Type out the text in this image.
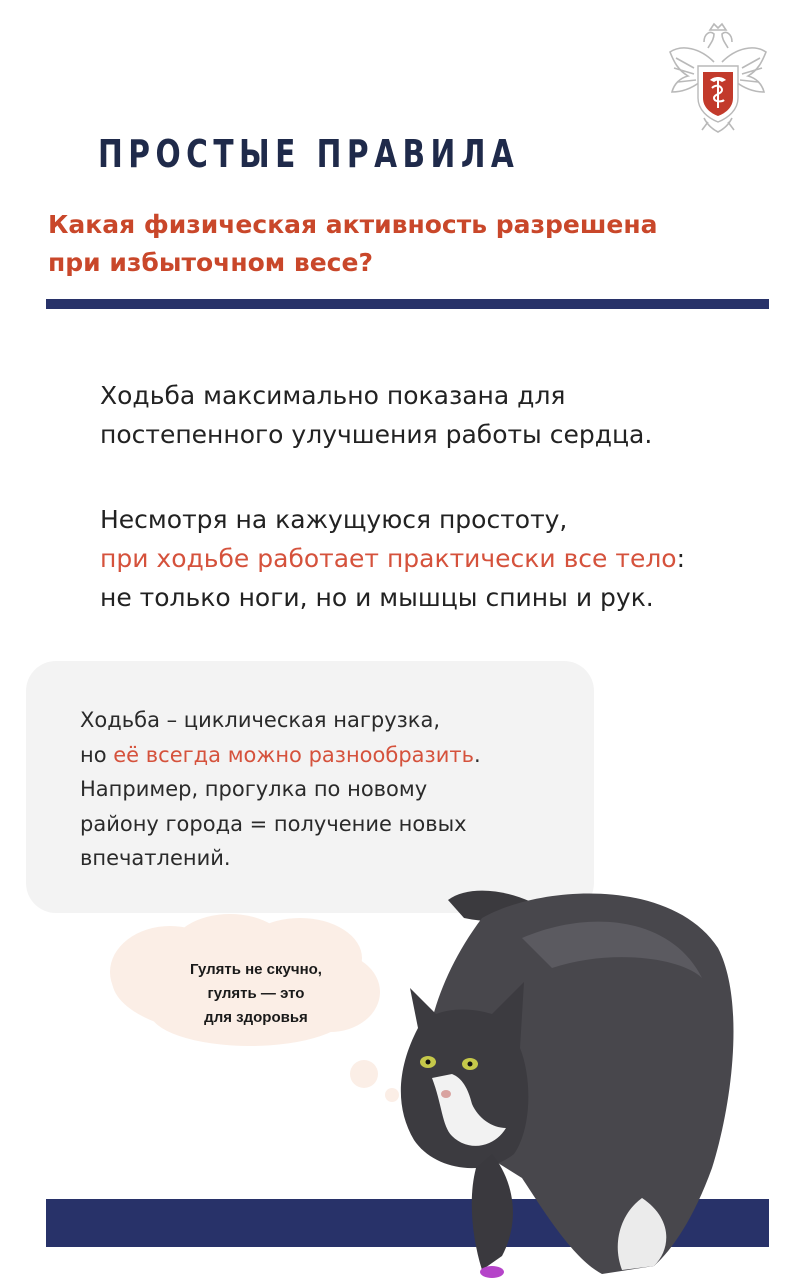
ПРОСТЫЕ ПРАВИЛА
Какая физическая активность разрешена
при избыточном весе?

Ходьба максимально показана для
постепенного улучшения работы сердца.

Несмотря на кажущуюся простоту,
при ходьбе работает практически все тело:
не только ноги, но и мышцы спины и рук.

Ходьба – циклическая нагрузка,
но её всегда можно разнообразить.
Например, прогулка по новому
району города = получение новых
впечатлений.

Гулять не скучно,
гулять — это
для здоровья
